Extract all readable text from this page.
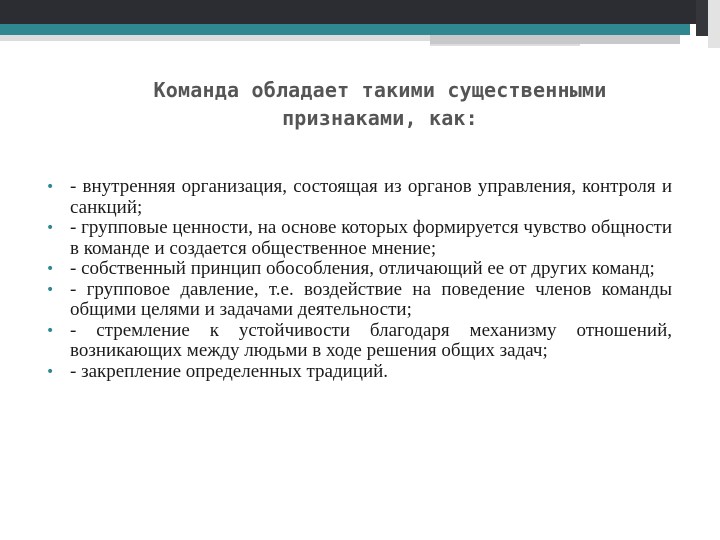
Команда обладает такими существенными признаками, как:
• - внутренняя организация, состоящая из органов управления, контроля и санкций;
• - групповые ценности, на основе которых формируется чувство общности в команде и создается общественное мнение;
• - собственный принцип обособления, отличающий ее от других команд;
• - групповое давление, т.е. воздействие на поведение членов команды общими целями и задачами деятельности;
• - стремление к устойчивости благодаря механизму отношений, возникающих между людьми в ходе решения общих задач;
• - закрепление определенных традиций.
